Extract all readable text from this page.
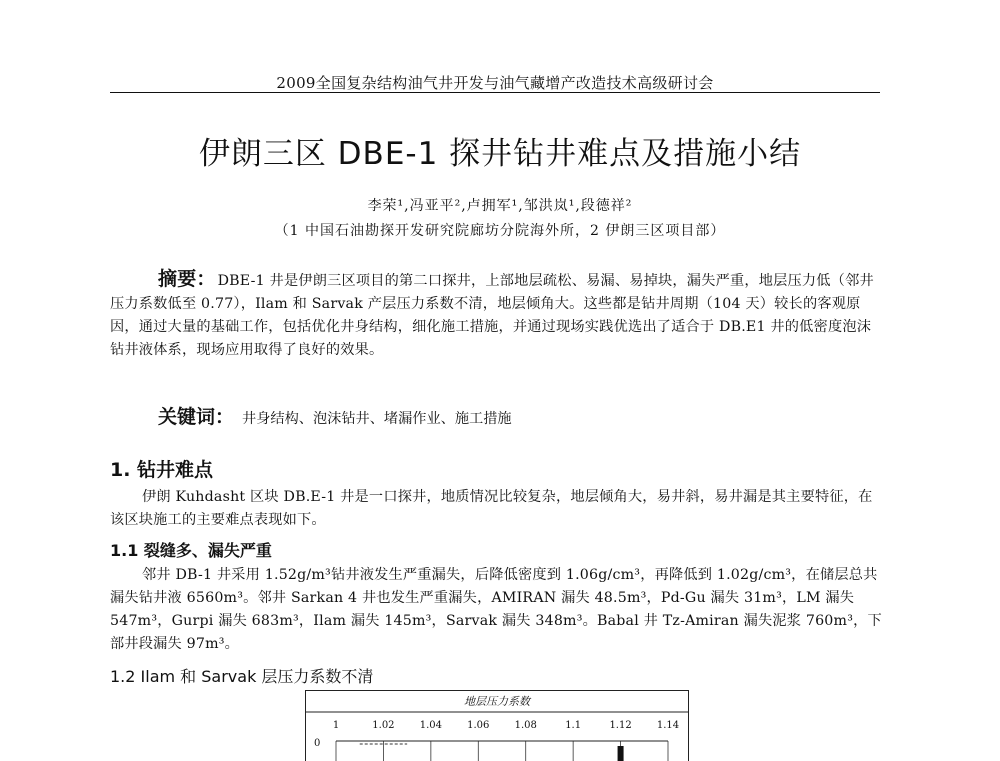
2009全国复杂结构油气井开发与油气藏增产改造技术高级研讨会
伊朗三区 DBE-1 探井钻井难点及措施小结
李荣¹,冯亚平²,卢拥军¹,邹洪岚¹,段德祥²
（1 中国石油勘探开发研究院廊坊分院海外所，2 伊朗三区项目部）
摘要： DBE-1 井是伊朗三区项目的第二口探井，上部地层疏松、易漏、易掉块，漏失严重，地层压力低（邻井压力系数低至 0.77），Ilam 和 Sarvak 产层压力系数不清，地层倾角大。这些都是钻井周期（104 天）较长的客观原因，通过大量的基础工作，包括优化井身结构，细化施工措施，并通过现场实践优选出了适合于 DB.E1 井的低密度泡沫钻井液体系，现场应用取得了良好的效果。
关键词： 井身结构、泡沫钻井、堵漏作业、施工措施
1. 钻井难点
伊朗 Kuhdasht 区块 DB.E-1 井是一口探井，地质情况比较复杂，地层倾角大，易井斜，易井漏是其主要特征，在该区块施工的主要难点表现如下。
1.1 裂缝多、漏失严重
邻井 DB-1 井采用 1.52g/m³钻井液发生严重漏失，后降低密度到 1.06g/cm³，再降低到 1.02g/cm³，在储层总共漏失钻井液 6560m³。邻井 Sarkan 4 井也发生严重漏失，AMIRAN 漏失 48.5m³，Pd-Gu 漏失 31m³，LM 漏失 547m³，Gurpi 漏失 683m³，Ilam 漏失 145m³，Sarvak 漏失 348m³。Babal 井 Tz-Amiran 漏失泥浆 760m³，下部井段漏失 97m³。
1.2 Ilam 和 Sarvak 层压力系数不清
地层压力系数
1	1.02	1.04	1.06	1.08	1.1	1.12	1.14
0
